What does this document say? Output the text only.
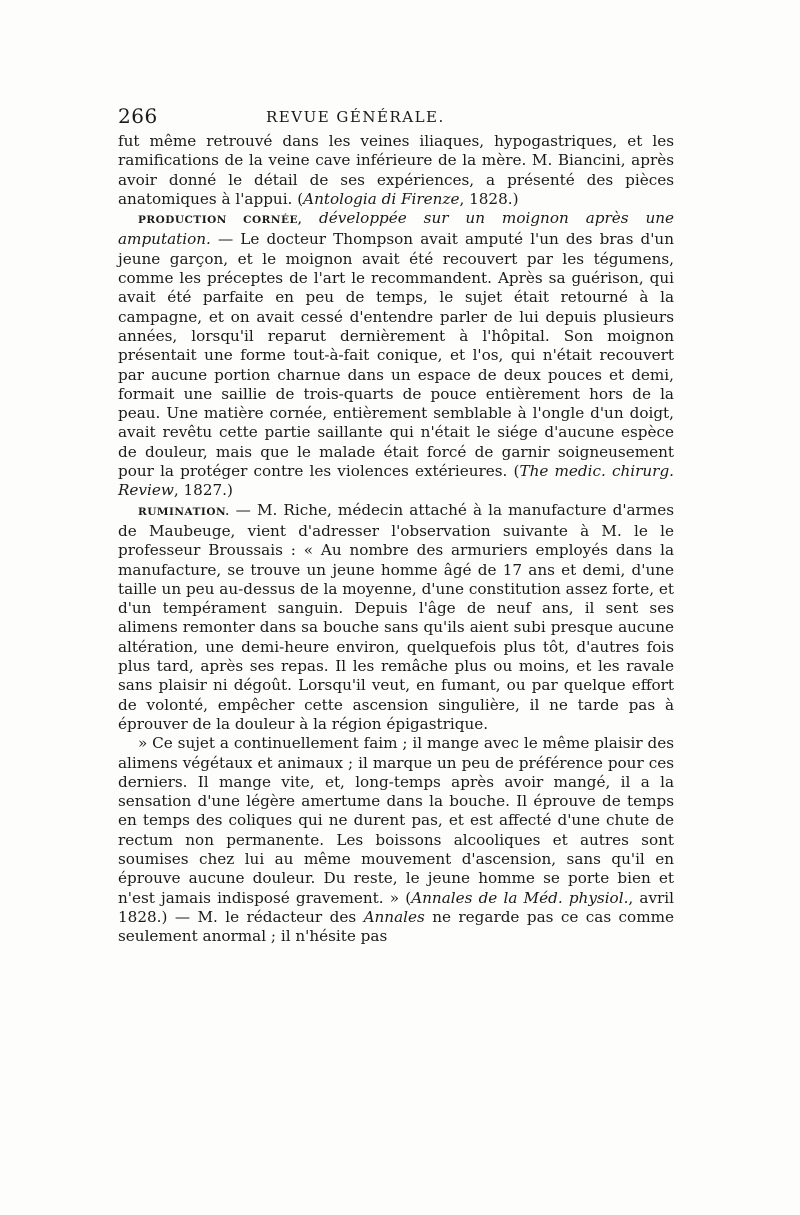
266	REVUE GÉNÉRALE.

fut même retrouvé dans les veines iliaques, hypogastriques, et les ramifications de la veine cave inférieure de la mère. M. Biancini, après avoir donné le détail de ses expériences, a présenté des pièces anatomiques à l'appui. (Antologia di Firenze, 1828.)

PRODUCTION CORNÉE, développée sur un moignon après une amputation. — Le docteur Thompson avait amputé l'un des bras d'un jeune garçon, et le moignon avait été recouvert par les tégumens, comme les préceptes de l'art le recommandent. Après sa guérison, qui avait été parfaite en peu de temps, le sujet était retourné à la campagne, et on avait cessé d'entendre parler de lui depuis plusieurs années, lorsqu'il reparut dernièrement à l'hôpital. Son moignon présentait une forme tout-à-fait conique, et l'os, qui n'était recouvert par aucune portion charnue dans un espace de deux pouces et demi, formait une saillie de trois-quarts de pouce entièrement hors de la peau. Une matière cornée, entièrement semblable à l'ongle d'un doigt, avait revêtu cette partie saillante qui n'était le siége d'aucune espèce de douleur, mais que le malade était forcé de garnir soigneusement pour la protéger contre les violences extérieures. (The medic. chirurg. Review, 1827.)

RUMINATION. — M. Riche, médecin attaché à la manufacture d'armes de Maubeuge, vient d'adresser l'observation suivante à M. le le professeur Broussais : « Au nombre des armuriers employés dans la manufacture, se trouve un jeune homme âgé de 17 ans et demi, d'une taille un peu au-dessus de la moyenne, d'une constitution assez forte, et d'un tempérament sanguin. Depuis l'âge de neuf ans, il sent ses alimens remonter dans sa bouche sans qu'ils aient subi presque aucune altération, une demi-heure environ, quelquefois plus tôt, d'autres fois plus tard, après ses repas. Il les remâche plus ou moins, et les ravale sans plaisir ni dégoût. Lorsqu'il veut, en fumant, ou par quelque effort de volonté, empêcher cette ascension singulière, il ne tarde pas à éprouver de la douleur à la région épigastrique.

» Ce sujet a continuellement faim ; il mange avec le même plaisir des alimens végétaux et animaux ; il marque un peu de préférence pour ces derniers. Il mange vite, et, long-temps après avoir mangé, il a la sensation d'une légère amertume dans la bouche. Il éprouve de temps en temps des coliques qui ne durent pas, et est affecté d'une chute de rectum non permanente. Les boissons alcooliques et autres sont soumises chez lui au même mouvement d'ascension, sans qu'il en éprouve aucune douleur. Du reste, le jeune homme se porte bien et n'est jamais indisposé gravement. » (Annales de la Méd. physiol., avril 1828.) — M. le rédacteur des Annales ne regarde pas ce cas comme seulement anormal ; il n'hésite pas
